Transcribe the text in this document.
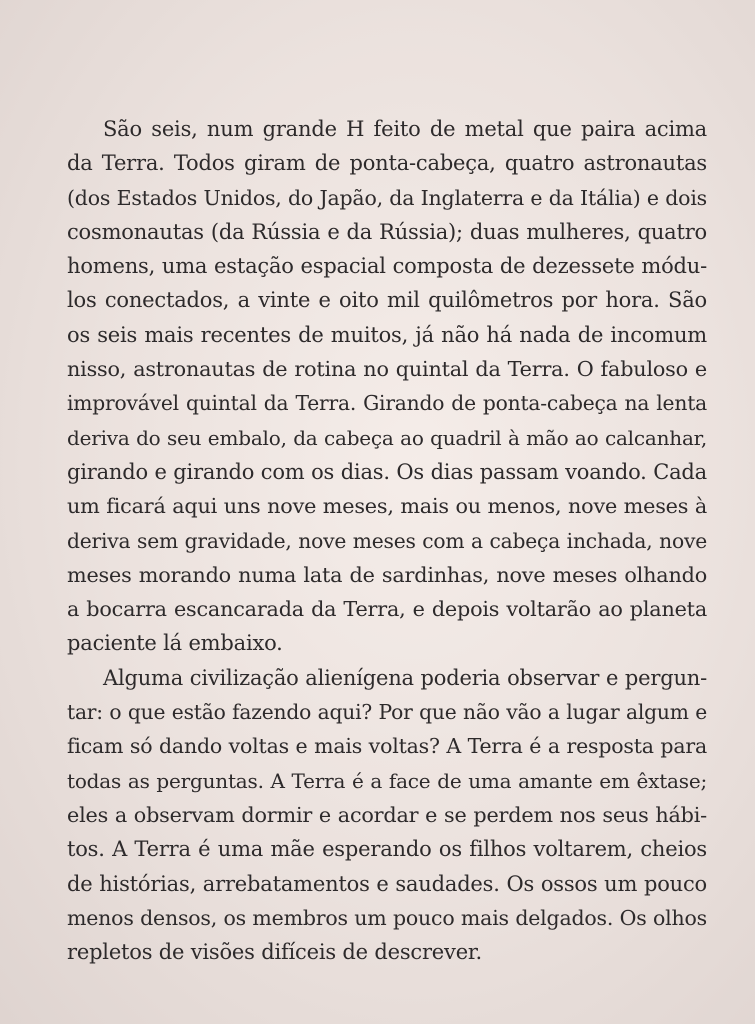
São seis, num grande H feito de metal que paira acima
da Terra. Todos giram de ponta-cabeça, quatro astronautas
(dos Estados Unidos, do Japão, da Inglaterra e da Itália) e dois
cosmonautas (da Rússia e da Rússia); duas mulheres, quatro
homens, uma estação espacial composta de dezessete módu-
los conectados, a vinte e oito mil quilômetros por hora. São
os seis mais recentes de muitos, já não há nada de incomum
nisso, astronautas de rotina no quintal da Terra. O fabuloso e
improvável quintal da Terra. Girando de ponta-cabeça na lenta
deriva do seu embalo, da cabeça ao quadril à mão ao calcanhar,
girando e girando com os dias. Os dias passam voando. Cada
um ficará aqui uns nove meses, mais ou menos, nove meses à
deriva sem gravidade, nove meses com a cabeça inchada, nove
meses morando numa lata de sardinhas, nove meses olhando
a bocarra escancarada da Terra, e depois voltarão ao planeta
paciente lá embaixo.
Alguma civilização alienígena poderia observar e pergun-
tar: o que estão fazendo aqui? Por que não vão a lugar algum e
ficam só dando voltas e mais voltas? A Terra é a resposta para
todas as perguntas. A Terra é a face de uma amante em êxtase;
eles a observam dormir e acordar e se perdem nos seus hábi-
tos. A Terra é uma mãe esperando os filhos voltarem, cheios
de histórias, arrebatamentos e saudades. Os ossos um pouco
menos densos, os membros um pouco mais delgados. Os olhos
repletos de visões difíceis de descrever.
